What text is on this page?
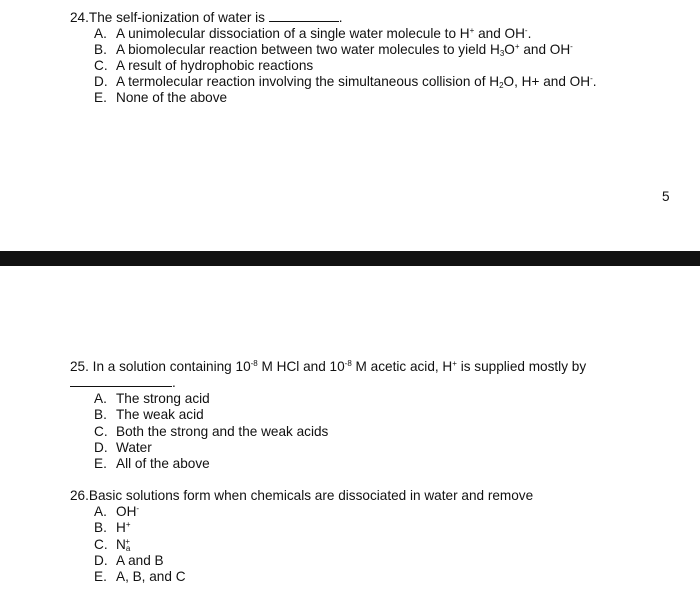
24.The self-ionization of water is	.
A. A unimolecular dissociation of a single water molecule to H+ and OH-.
B. A biomolecular reaction between two water molecules to yield $H_3O^+$ and OH-
C. A result of hydrophobic reactions
D. A termolecular reaction involving the simultaneous collision of $H_2O$, H+ and OH-.
E. None of the above
5
25. In a solution containing $10^{-8}$ M HCl and $10^{-8}$ M acetic acid, H+ is supplied mostly by
.
A. The strong acid
B. The weak acid
C. Both the strong and the weak acids
D. Water
E. All of the above
26.Basic solutions form when chemicals are dissociated in water and remove
A. OH-
B. H+
C. $N_a^+$
D. A and B
E. A, B, and C
